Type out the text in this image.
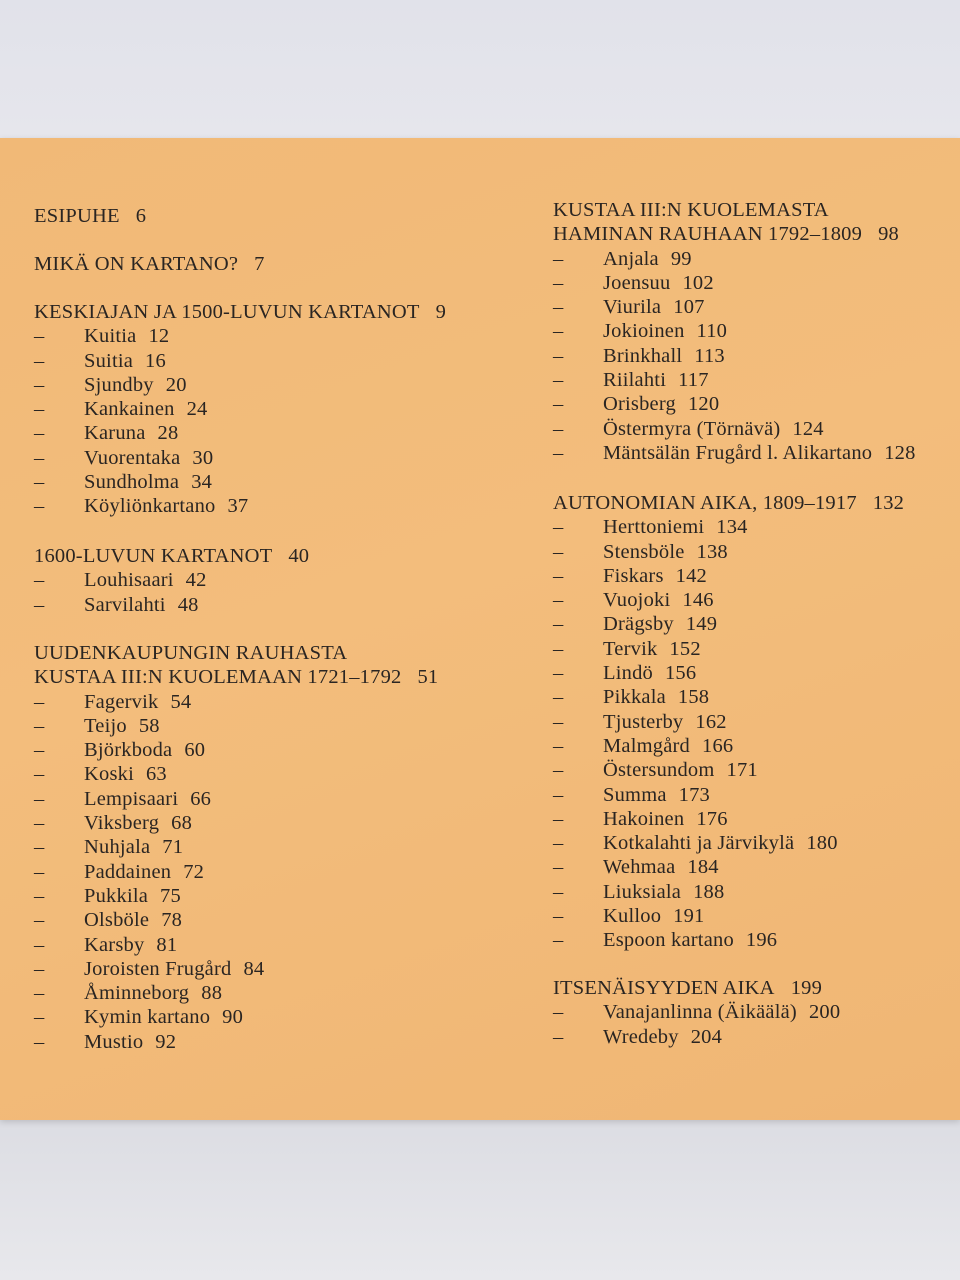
ESIPUHE 6
MIKÄ ON KARTANO? 7
KESKIAJAN JA 1500-LUVUN KARTANOT 9
– Kuitia 12
– Suitia 16
– Sjundby 20
– Kankainen 24
– Karuna 28
– Vuorentaka 30
– Sundholma 34
– Köyliönkartano 37
1600-LUVUN KARTANOT 40
– Louhisaari 42
– Sarvilahti 48
UUDENKAUPUNGIN RAUHASTA
KUSTAA III:N KUOLEMAAN 1721–1792 51
– Fagervik 54
– Teijo 58
– Björkboda 60
– Koski 63
– Lempisaari 66
– Viksberg 68
– Nuhjala 71
– Paddainen 72
– Pukkila 75
– Olsböle 78
– Karsby 81
– Joroisten Frugård 84
– Åminneborg 88
– Kymin kartano 90
– Mustio 92
KUSTAA III:N KUOLEMASTA
HAMINAN RAUHAAN 1792–1809 98
– Anjala 99
– Joensuu 102
– Viurila 107
– Jokioinen 110
– Brinkhall 113
– Riilahti 117
– Orisberg 120
– Östermyra (Törnävä) 124
– Mäntsälän Frugård l. Alikartano 128
AUTONOMIAN AIKA, 1809–1917 132
– Herttoniemi 134
– Stensböle 138
– Fiskars 142
– Vuojoki 146
– Drägsby 149
– Tervik 152
– Lindö 156
– Pikkala 158
– Tjusterby 162
– Malmgård 166
– Östersundom 171
– Summa 173
– Hakoinen 176
– Kotkalahti ja Järvikylä 180
– Wehmaa 184
– Liuksiala 188
– Kulloo 191
– Espoon kartano 196
ITSENÄISYYDEN AIKA 199
– Vanajanlinna (Äikäälä) 200
– Wredeby 204
